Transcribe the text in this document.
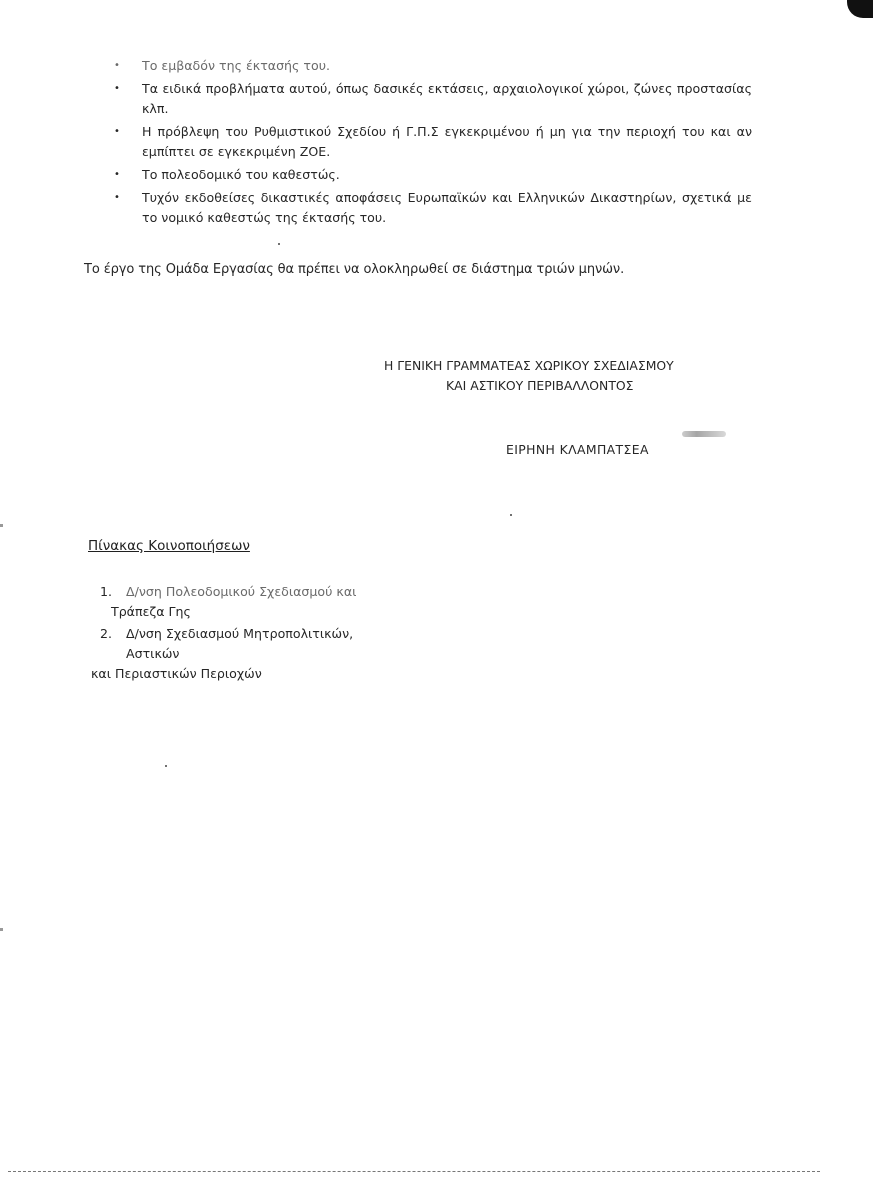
• Το εμβαδόν της έκτασής του.
• Τα ειδικά προβλήματα αυτού, όπως δασικές εκτάσεις, αρχαιολογικοί χώροι, ζώνες προστασίας κλπ.
• Η πρόβλεψη του Ρυθμιστικού Σχεδίου ή Γ.Π.Σ εγκεκριμένου ή μη για την περιοχή του και αν εμπίπτει σε εγκεκριμένη ΖΟΕ.
• Το πολεοδομικό του καθεστώς.
• Τυχόν εκδοθείσες δικαστικές αποφάσεις Ευρωπαϊκών και Ελληνικών Δικαστηρίων, σχετικά με το νομικό καθεστώς της έκτασής του.
Το έργο της Ομάδα Εργασίας θα πρέπει να ολοκληρωθεί σε διάστημα τριών μηνών.
Η ΓΕΝΙΚΗ ΓΡΑΜΜΑΤΕΑΣ ΧΩΡΙΚΟΥ ΣΧΕΔΙΑΣΜΟΥ
ΚΑΙ ΑΣΤΙΚΟΥ ΠΕΡΙΒΑΛΛΟΝΤΟΣ
ΕΙΡΗΝΗ ΚΛΑΜΠΑΤΣΕΑ
Πίνακας Κοινοποιήσεων
1. Δ/νση Πολεοδομικού Σχεδιασμού και
Τράπεζα Γης
2. Δ/νση Σχεδιασμού Μητροπολιτικών,
Αστικών
και Περιαστικών Περιοχών
